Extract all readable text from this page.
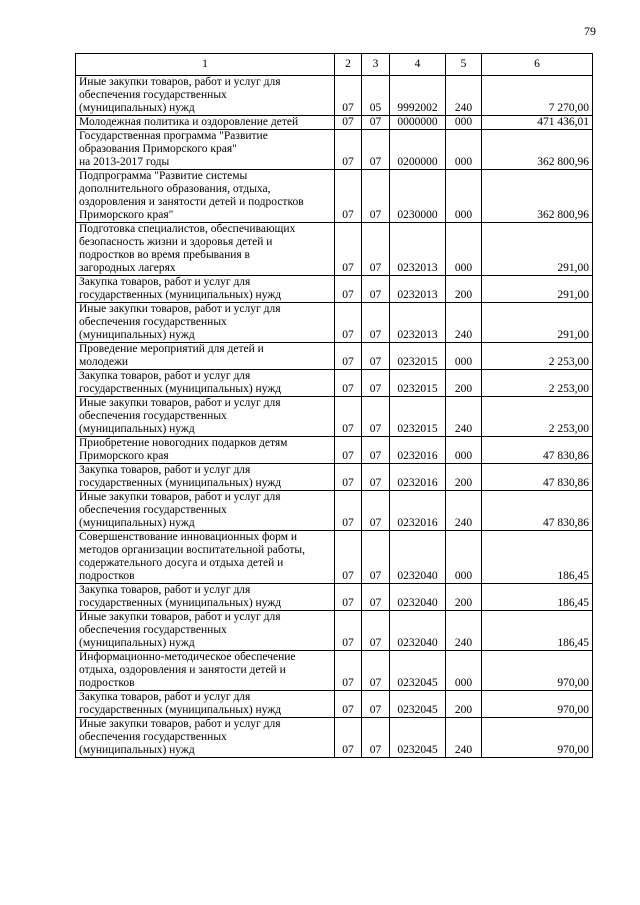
79
1	2	3	4	5	6
Иные закупки товаров, работ и услуг для
обеспечения государственных
(муниципальных) нужд	07	05	9992002	240	7 270,00
Молодежная политика и оздоровление детей	07	07	0000000	000	471 436,01
Государственная программа "Развитие
образования Приморского края"
на 2013-2017 годы	07	07	0200000	000	362 800,96
Подпрограмма "Развитие системы
дополнительного образования, отдыха,
оздоровления и занятости детей и подростков
Приморского края"	07	07	0230000	000	362 800,96
Подготовка специалистов, обеспечивающих
безопасность жизни и здоровья детей и
подростков во время пребывания в
загородных лагерях	07	07	0232013	000	291,00
Закупка товаров, работ и услуг для
государственных (муниципальных) нужд	07	07	0232013	200	291,00
Иные закупки товаров, работ и услуг для
обеспечения государственных
(муниципальных) нужд	07	07	0232013	240	291,00
Проведение мероприятий для детей и
молодежи	07	07	0232015	000	2 253,00
Закупка товаров, работ и услуг для
государственных (муниципальных) нужд	07	07	0232015	200	2 253,00
Иные закупки товаров, работ и услуг для
обеспечения государственных
(муниципальных) нужд	07	07	0232015	240	2 253,00
Приобретение новогодних подарков детям
Приморского края	07	07	0232016	000	47 830,86
Закупка товаров, работ и услуг для
государственных (муниципальных) нужд	07	07	0232016	200	47 830,86
Иные закупки товаров, работ и услуг для
обеспечения государственных
(муниципальных) нужд	07	07	0232016	240	47 830,86
Совершенствование инновационных форм и
методов организации воспитательной работы,
содержательного досуга и отдыха детей и
подростков	07	07	0232040	000	186,45
Закупка товаров, работ и услуг для
государственных (муниципальных) нужд	07	07	0232040	200	186,45
Иные закупки товаров, работ и услуг для
обеспечения государственных
(муниципальных) нужд	07	07	0232040	240	186,45
Информационно-методическое обеспечение
отдыха, оздоровления и занятости детей и
подростков	07	07	0232045	000	970,00
Закупка товаров, работ и услуг для
государственных (муниципальных) нужд	07	07	0232045	200	970,00
Иные закупки товаров, работ и услуг для
обеспечения государственных
(муниципальных) нужд	07	07	0232045	240	970,00
